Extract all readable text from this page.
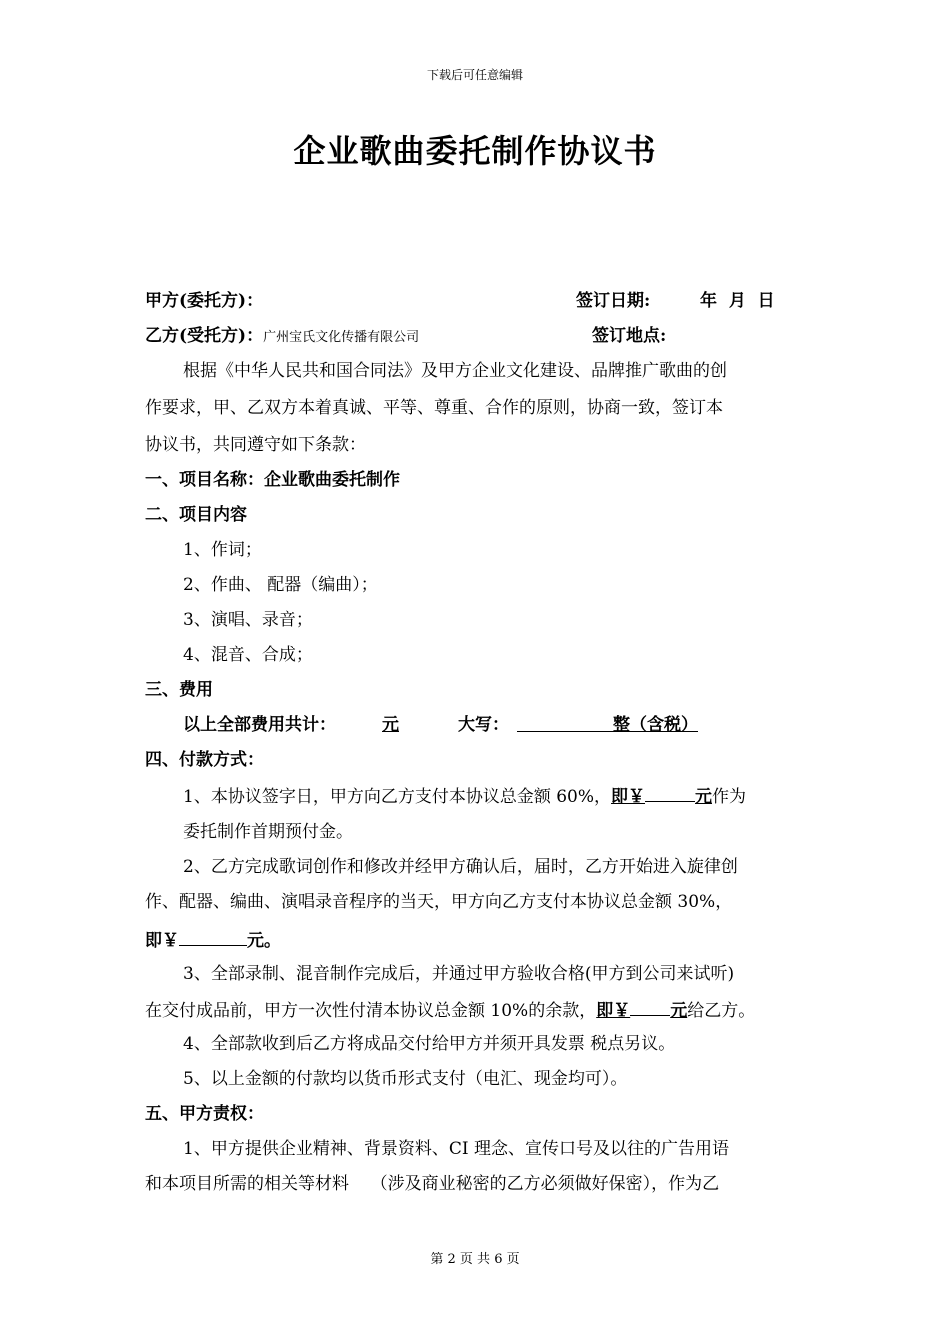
下载后可任意编辑
企业歌曲委托制作协议书
甲方(委托方)：	签订日期:	年  月  日
乙方(受托方)：广州宝氏文化传播有限公司	签订地点:
根据《中华人民共和国合同法》及甲方企业文化建设、品牌推广歌曲的创
作要求，甲、乙双方本着真诚、平等、尊重、合作的原则，协商一致，签订本
协议书，共同遵守如下条款：
一、项目名称：企业歌曲委托制作
二、项目内容
1、作词；
2、作曲、 配器（编曲）；
3、演唱、录音；
4、混音、合成；
三、费用
以上全部费用共计：	元	大写：	整（含税）
四、付款方式：
1、本协议签字日，甲方向乙方支付本协议总金额 60%，即￥	元作为
委托制作首期预付金。
2、乙方完成歌词创作和修改并经甲方确认后，届时，乙方开始进入旋律创
作、配器、编曲、演唱录音程序的当天，甲方向乙方支付本协议总金额 30%，
即￥	元。
3、全部录制、混音制作完成后，并通过甲方验收合格(甲方到公司来试听)
在交付成品前，甲方一次性付清本协议总金额 10%的余款，即￥ 元给乙方。
4、全部款收到后乙方将成品交付给甲方并须开具发票 税点另议。
5、以上金额的付款均以货币形式支付（电汇、现金均可）。
五、甲方责权：
1、甲方提供企业精神、背景资料、CI 理念、宣传口号及以往的广告用语
和本项目所需的相关等材料    （涉及商业秘密的乙方必须做好保密），作为乙
第 2 页 共 6 页
